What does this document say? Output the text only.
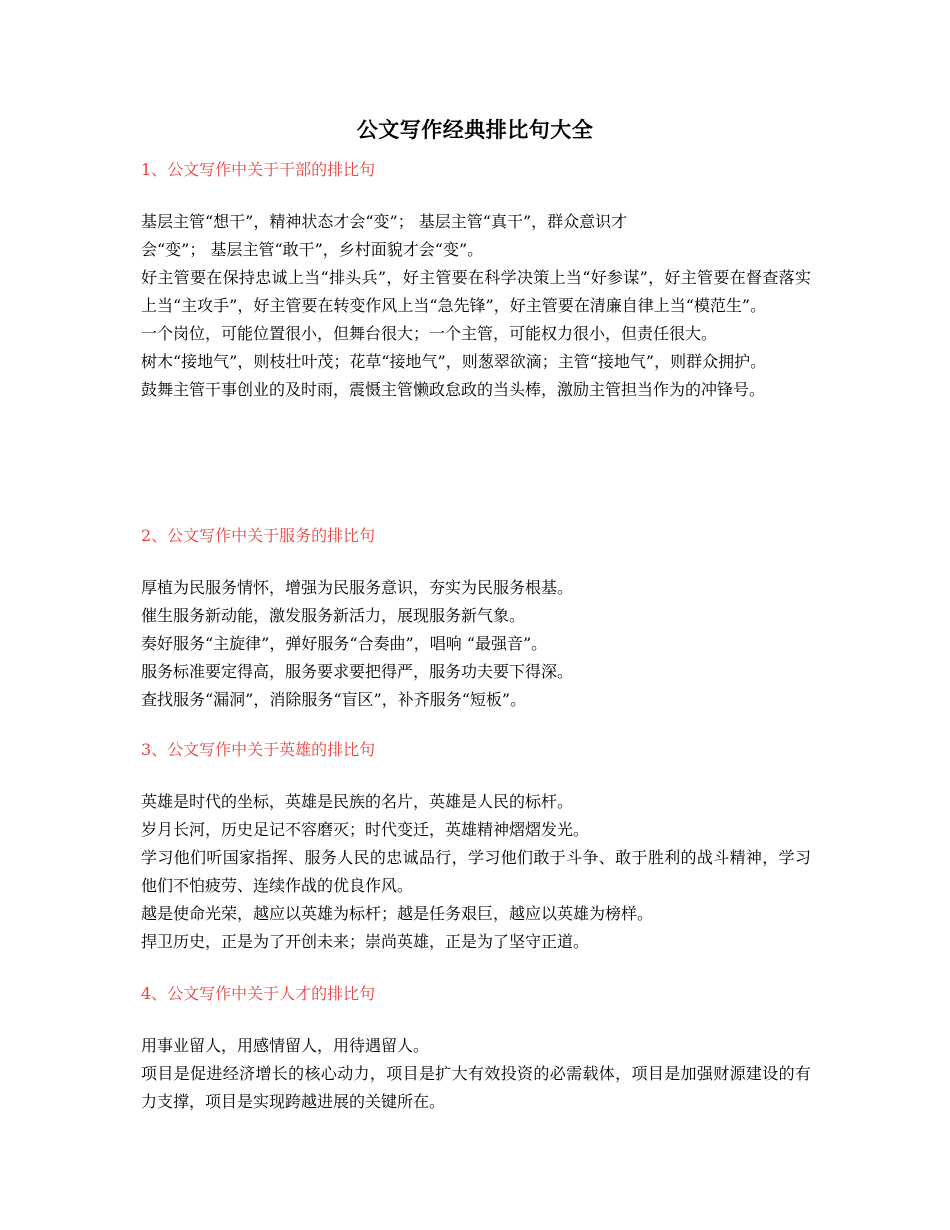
公文写作经典排比句大全
1、公文写作中关于干部的排比句

基层主管“想干”，精神状态才会“变”； 基层主管“真干”，群众意识才
会“变”； 基层主管“敢干”，乡村面貌才会“变”。

好主管要在保持忠诚上当“排头兵”，好主管要在科学决策上当“好参谋”，好主管要在督查落实上当“主攻手”，好主管要在转变作风上当“急先锋”，好主管要在清廉自律上当“模范生”。

一个岗位，可能位置很小，但舞台很大；一个主管，可能权力很小，但责任很大。

树木“接地气”，则枝壮叶茂；花草“接地气”，则葱翠欲滴；主管“接地气”，则群众拥护。

鼓舞主管干事创业的及时雨，震慑主管懒政怠政的当头棒，激励主管担当作为的冲锋号。

2、公文写作中关于服务的排比句

厚植为民服务情怀，增强为民服务意识，夯实为民服务根基。

催生服务新动能，激发服务新活力，展现服务新气象。

奏好服务“主旋律”，弹好服务“合奏曲”，唱响 “最强音”。

服务标准要定得高，服务要求要把得严，服务功夫要下得深。

查找服务“漏洞”，消除服务“盲区”，补齐服务“短板”。

3、公文写作中关于英雄的排比句

英雄是时代的坐标，英雄是民族的名片，英雄是人民的标杆。

岁月长河，历史足记不容磨灭；时代变迁，英雄精神熠熠发光。

学习他们听国家指挥、服务人民的忠诚品行，学习他们敢于斗争、敢于胜利的战斗精神，学习他们不怕疲劳、连续作战的优良作风。

越是使命光荣，越应以英雄为标杆；越是任务艰巨，越应以英雄为榜样。

捍卫历史，正是为了开创未来；崇尚英雄，正是为了坚守正道。

4、公文写作中关于人才的排比句

用事业留人，用感情留人，用待遇留人。

项目是促进经济增长的核心动力，项目是扩大有效投资的必需载体，项目是加强财源建设的有力支撑，项目是实现跨越进展的关键所在。
